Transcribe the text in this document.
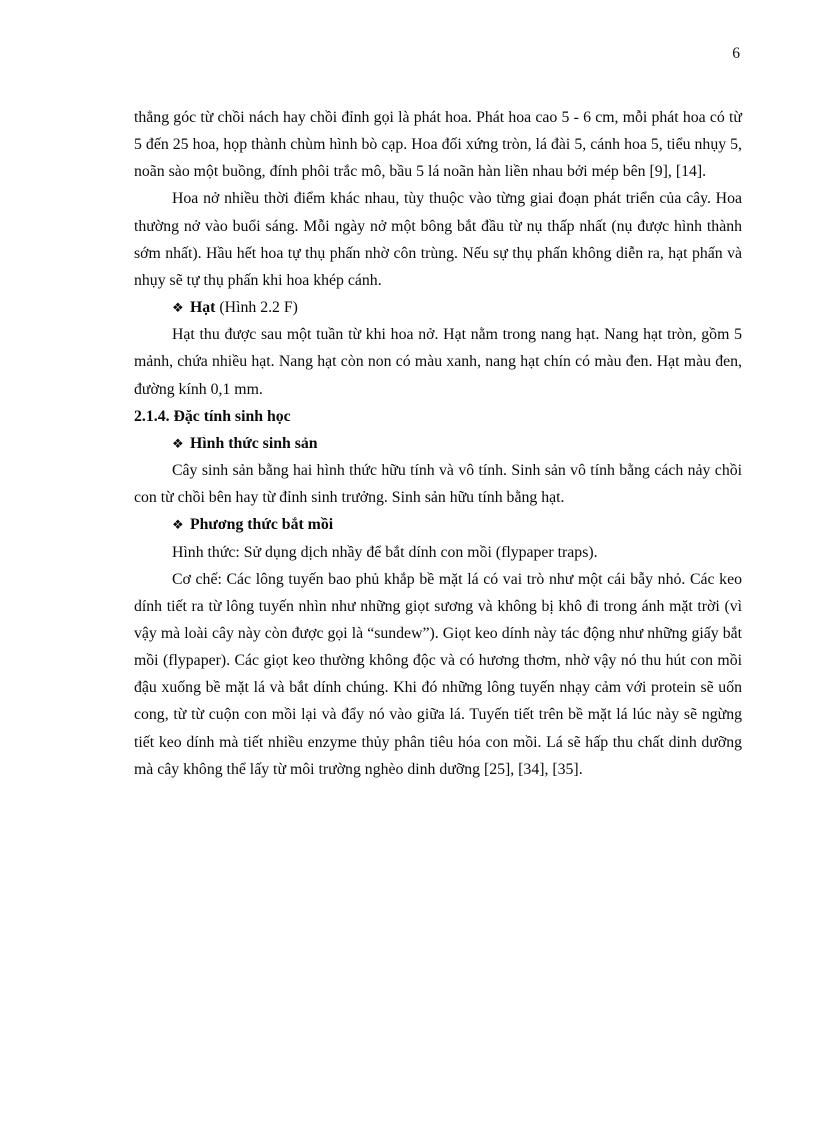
6

thẳng góc từ chồi nách hay chồi đỉnh gọi là phát hoa. Phát hoa cao 5 - 6 cm, mỗi phát hoa có từ 5 đến 25 hoa, họp thành chùm hình bò cạp. Hoa đối xứng tròn, lá đài 5, cánh hoa 5, tiểu nhụy 5, noãn sào một buồng, đính phôi trắc mô, bầu 5 lá noãn hàn liền nhau bởi mép bên [9], [14].

Hoa nở nhiều thời điểm khác nhau, tùy thuộc vào từng giai đoạn phát triển của cây. Hoa thường nở vào buổi sáng. Mỗi ngày nở một bông bắt đầu từ nụ thấp nhất (nụ được hình thành sớm nhất). Hầu hết hoa tự thụ phấn nhờ côn trùng. Nếu sự thụ phấn không diễn ra, hạt phấn và nhụy sẽ tự thụ phấn khi hoa khép cánh.

❖ Hạt (Hình 2.2 F)

Hạt thu được sau một tuần từ khi hoa nở. Hạt nằm trong nang hạt. Nang hạt tròn, gồm 5 mảnh, chứa nhiều hạt. Nang hạt còn non có màu xanh, nang hạt chín có màu đen. Hạt màu đen, đường kính 0,1 mm.

2.1.4. Đặc tính sinh học

❖ Hình thức sinh sản

Cây sinh sản bằng hai hình thức hữu tính và vô tính. Sinh sản vô tính bằng cách nảy chồi con từ chồi bên hay từ đỉnh sinh trưởng. Sinh sản hữu tính bằng hạt.

❖ Phương thức bắt mồi

Hình thức: Sử dụng dịch nhầy để bắt dính con mồi (flypaper traps).

Cơ chế: Các lông tuyến bao phủ khắp bề mặt lá có vai trò như một cái bẫy nhỏ. Các keo dính tiết ra từ lông tuyến nhìn như những giọt sương và không bị khô đi trong ánh mặt trời (vì vậy mà loài cây này còn được gọi là “sundew”). Giọt keo dính này tác động như những giấy bắt mồi (flypaper). Các giọt keo thường không độc và có hương thơm, nhờ vậy nó thu hút con mồi đậu xuống bề mặt lá và bắt dính chúng. Khi đó những lông tuyến nhạy cảm với protein sẽ uốn cong, từ từ cuộn con mồi lại và đẩy nó vào giữa lá. Tuyến tiết trên bề mặt lá lúc này sẽ ngừng tiết keo dính mà tiết nhiều enzyme thủy phân tiêu hóa con mồi. Lá sẽ hấp thu chất dinh dưỡng mà cây không thể lấy từ môi trường nghèo dinh dưỡng [25], [34], [35].
